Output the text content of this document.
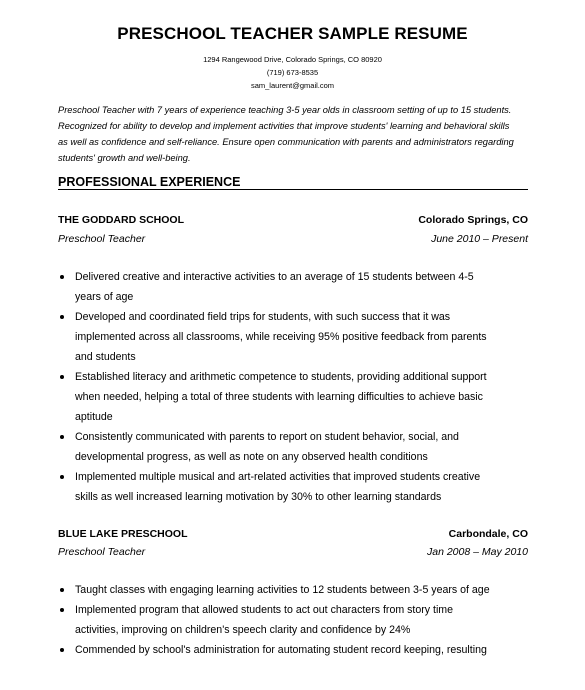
PRESCHOOL TEACHER SAMPLE RESUME
1294 Rangewood Drive, Colorado Springs, CO 80920
(719) 673-8535
sam_laurent@gmail.com
Preschool Teacher with 7 years of experience teaching 3-5 year olds in classroom setting of up to 15 students.
Recognized for ability to develop and implement activities that improve students' learning and behavioral skills
as well as confidence and self-reliance. Ensure open communication with parents and administrators regarding
students' growth and well-being.
PROFESSIONAL EXPERIENCE
THE GODDARD SCHOOL	Colorado Springs, CO
Preschool Teacher	June 2010 – Present
Delivered creative and interactive activities to an average of 15 students between 4-5
years of age
Developed and coordinated field trips for students, with such success that it was
implemented across all classrooms, while receiving 95% positive feedback from parents
and students
Established literacy and arithmetic competence to students, providing additional support
when needed, helping a total of three students with learning difficulties to achieve basic
aptitude
Consistently communicated with parents to report on student behavior, social, and
developmental progress, as well as note on any observed health conditions
Implemented multiple musical and art-related activities that improved students creative
skills as well increased learning motivation by 30% to other learning standards
BLUE LAKE PRESCHOOL	Carbondale, CO
Preschool Teacher	Jan 2008 – May 2010
Taught classes with engaging learning activities to 12 students between 3-5 years of age
Implemented program that allowed students to act out characters from story time
activities, improving on children's speech clarity and confidence by 24%
Commended by school's administration for automating student record keeping, resulting
